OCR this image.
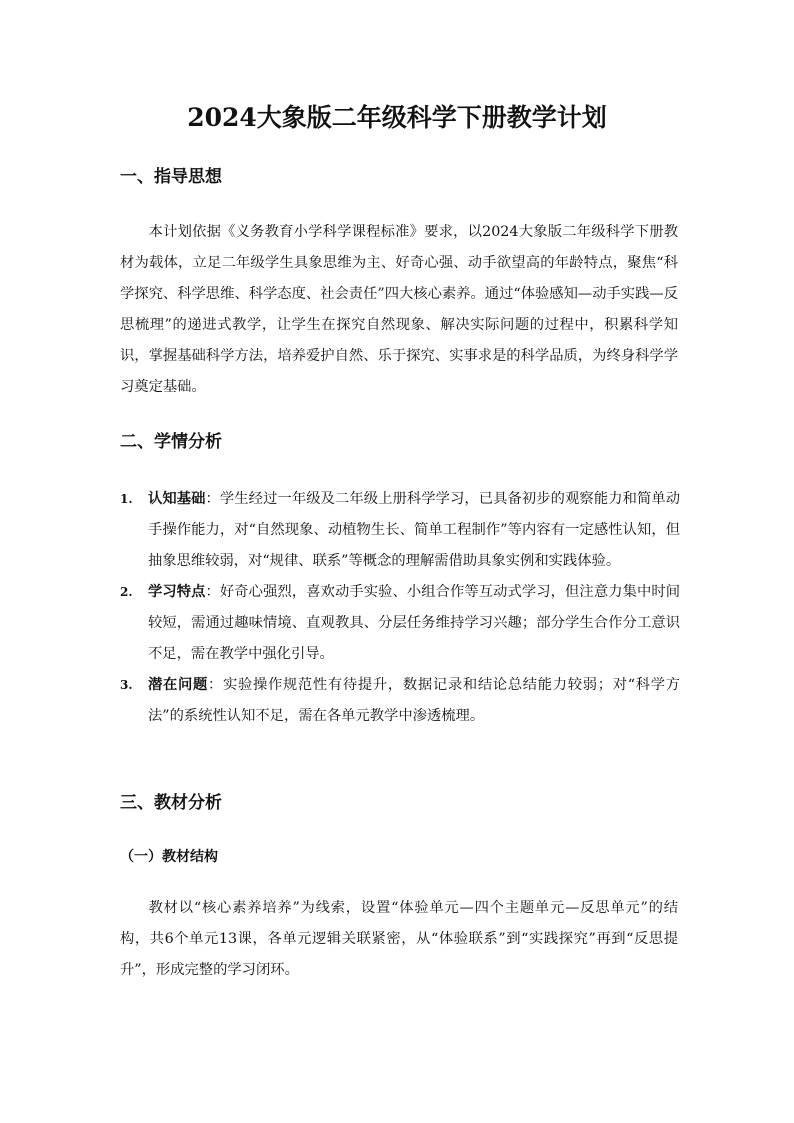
2024大象版二年级科学下册教学计划
一、指导思想

本计划依据《义务教育小学科学课程标准》要求，以2024大象版二年级科学下册教材为载体，立足二年级学生具象思维为主、好奇心强、动手欲望高的年龄特点，聚焦“科学探究、科学思维、科学态度、社会责任”四大核心素养。通过“体验感知—动手实践—反思梳理”的递进式教学，让学生在探究自然现象、解决实际问题的过程中，积累科学知识，掌握基础科学方法，培养爱护自然、乐于探究、实事求是的科学品质，为终身科学学习奠定基础。

二、学情分析
1. 认知基础：学生经过一年级及二年级上册科学学习，已具备初步的观察能力和简单动手操作能力，对“自然现象、动植物生长、简单工程制作”等内容有一定感性认知，但抽象思维较弱，对“规律、联系”等概念的理解需借助具象实例和实践体验。
2. 学习特点：好奇心强烈，喜欢动手实验、小组合作等互动式学习，但注意力集中时间较短，需通过趣味情境、直观教具、分层任务维持学习兴趣；部分学生合作分工意识不足，需在教学中强化引导。
3. 潜在问题：实验操作规范性有待提升，数据记录和结论总结能力较弱；对“科学方法”的系统性认知不足，需在各单元教学中渗透梳理。
三、教材分析
（一）教材结构

教材以“核心素养培养”为线索，设置“体验单元—四个主题单元—反思单元”的结构，共6个单元13课，各单元逻辑关联紧密，从“体验联系”到“实践探究”再到“反思提升”，形成完整的学习闭环。
